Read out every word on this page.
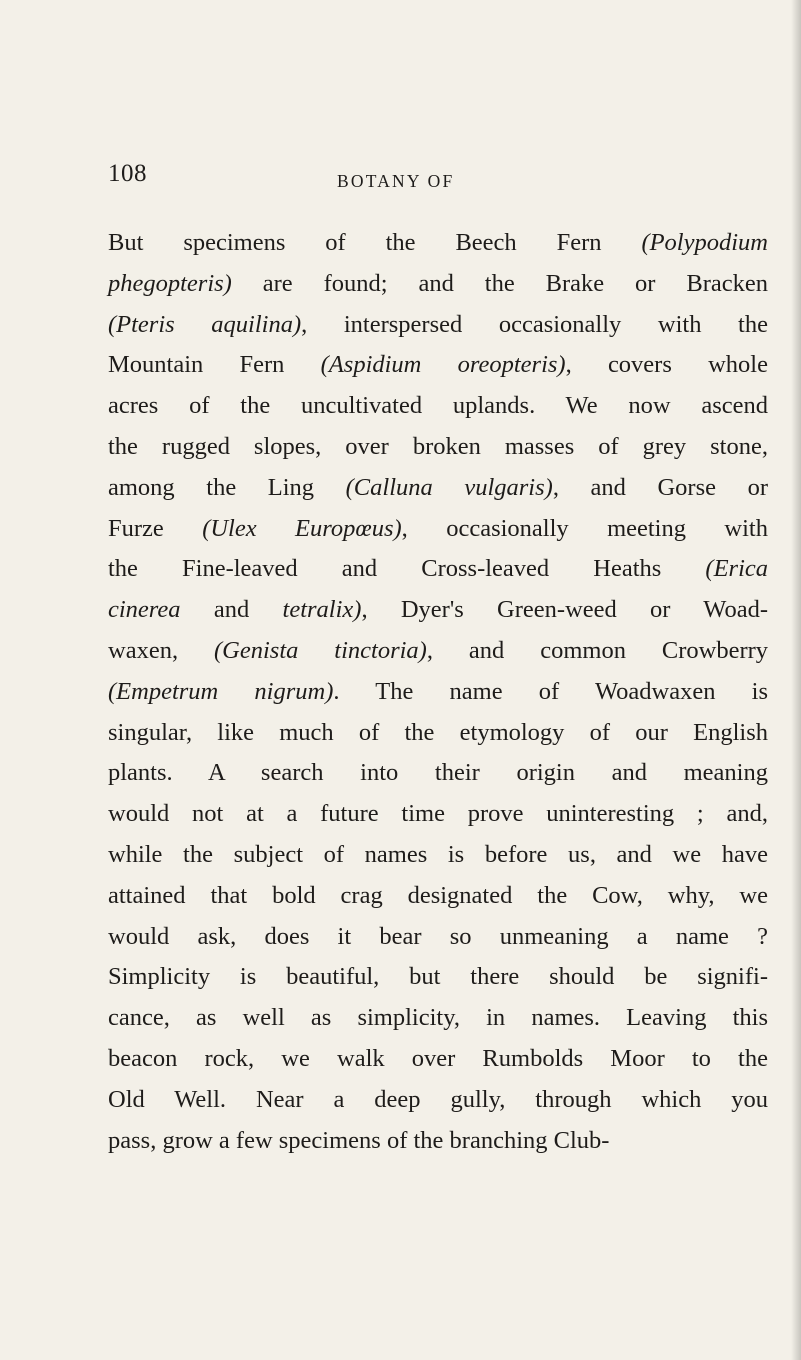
108	BOTANY OF
But specimens of the Beech Fern (Polypodium
phegopteris) are found; and the Brake or Bracken
(Pteris aquilina), interspersed occasionally with the
Mountain Fern (Aspidium oreopteris), covers whole
acres of the uncultivated uplands. We now ascend
the rugged slopes, over broken masses of grey stone,
among the Ling (Calluna vulgaris), and Gorse or
Furze (Ulex Europœus), occasionally meeting with
the Fine-leaved and Cross-leaved Heaths (Erica
cinerea and tetralix), Dyer's Green-weed or Woad-
waxen, (Genista tinctoria), and common Crowberry
(Empetrum nigrum). The name of Woadwaxen is
singular, like much of the etymology of our English
plants. A search into their origin and meaning
would not at a future time prove uninteresting ; and,
while the subject of names is before us, and we have
attained that bold crag designated the Cow, why, we
would ask, does it bear so unmeaning a name ?
Simplicity is beautiful, but there should be signifi-
cance, as well as simplicity, in names. Leaving this
beacon rock, we walk over Rumbolds Moor to the
Old Well. Near a deep gully, through which you
pass, grow a few specimens of the branching Club-
